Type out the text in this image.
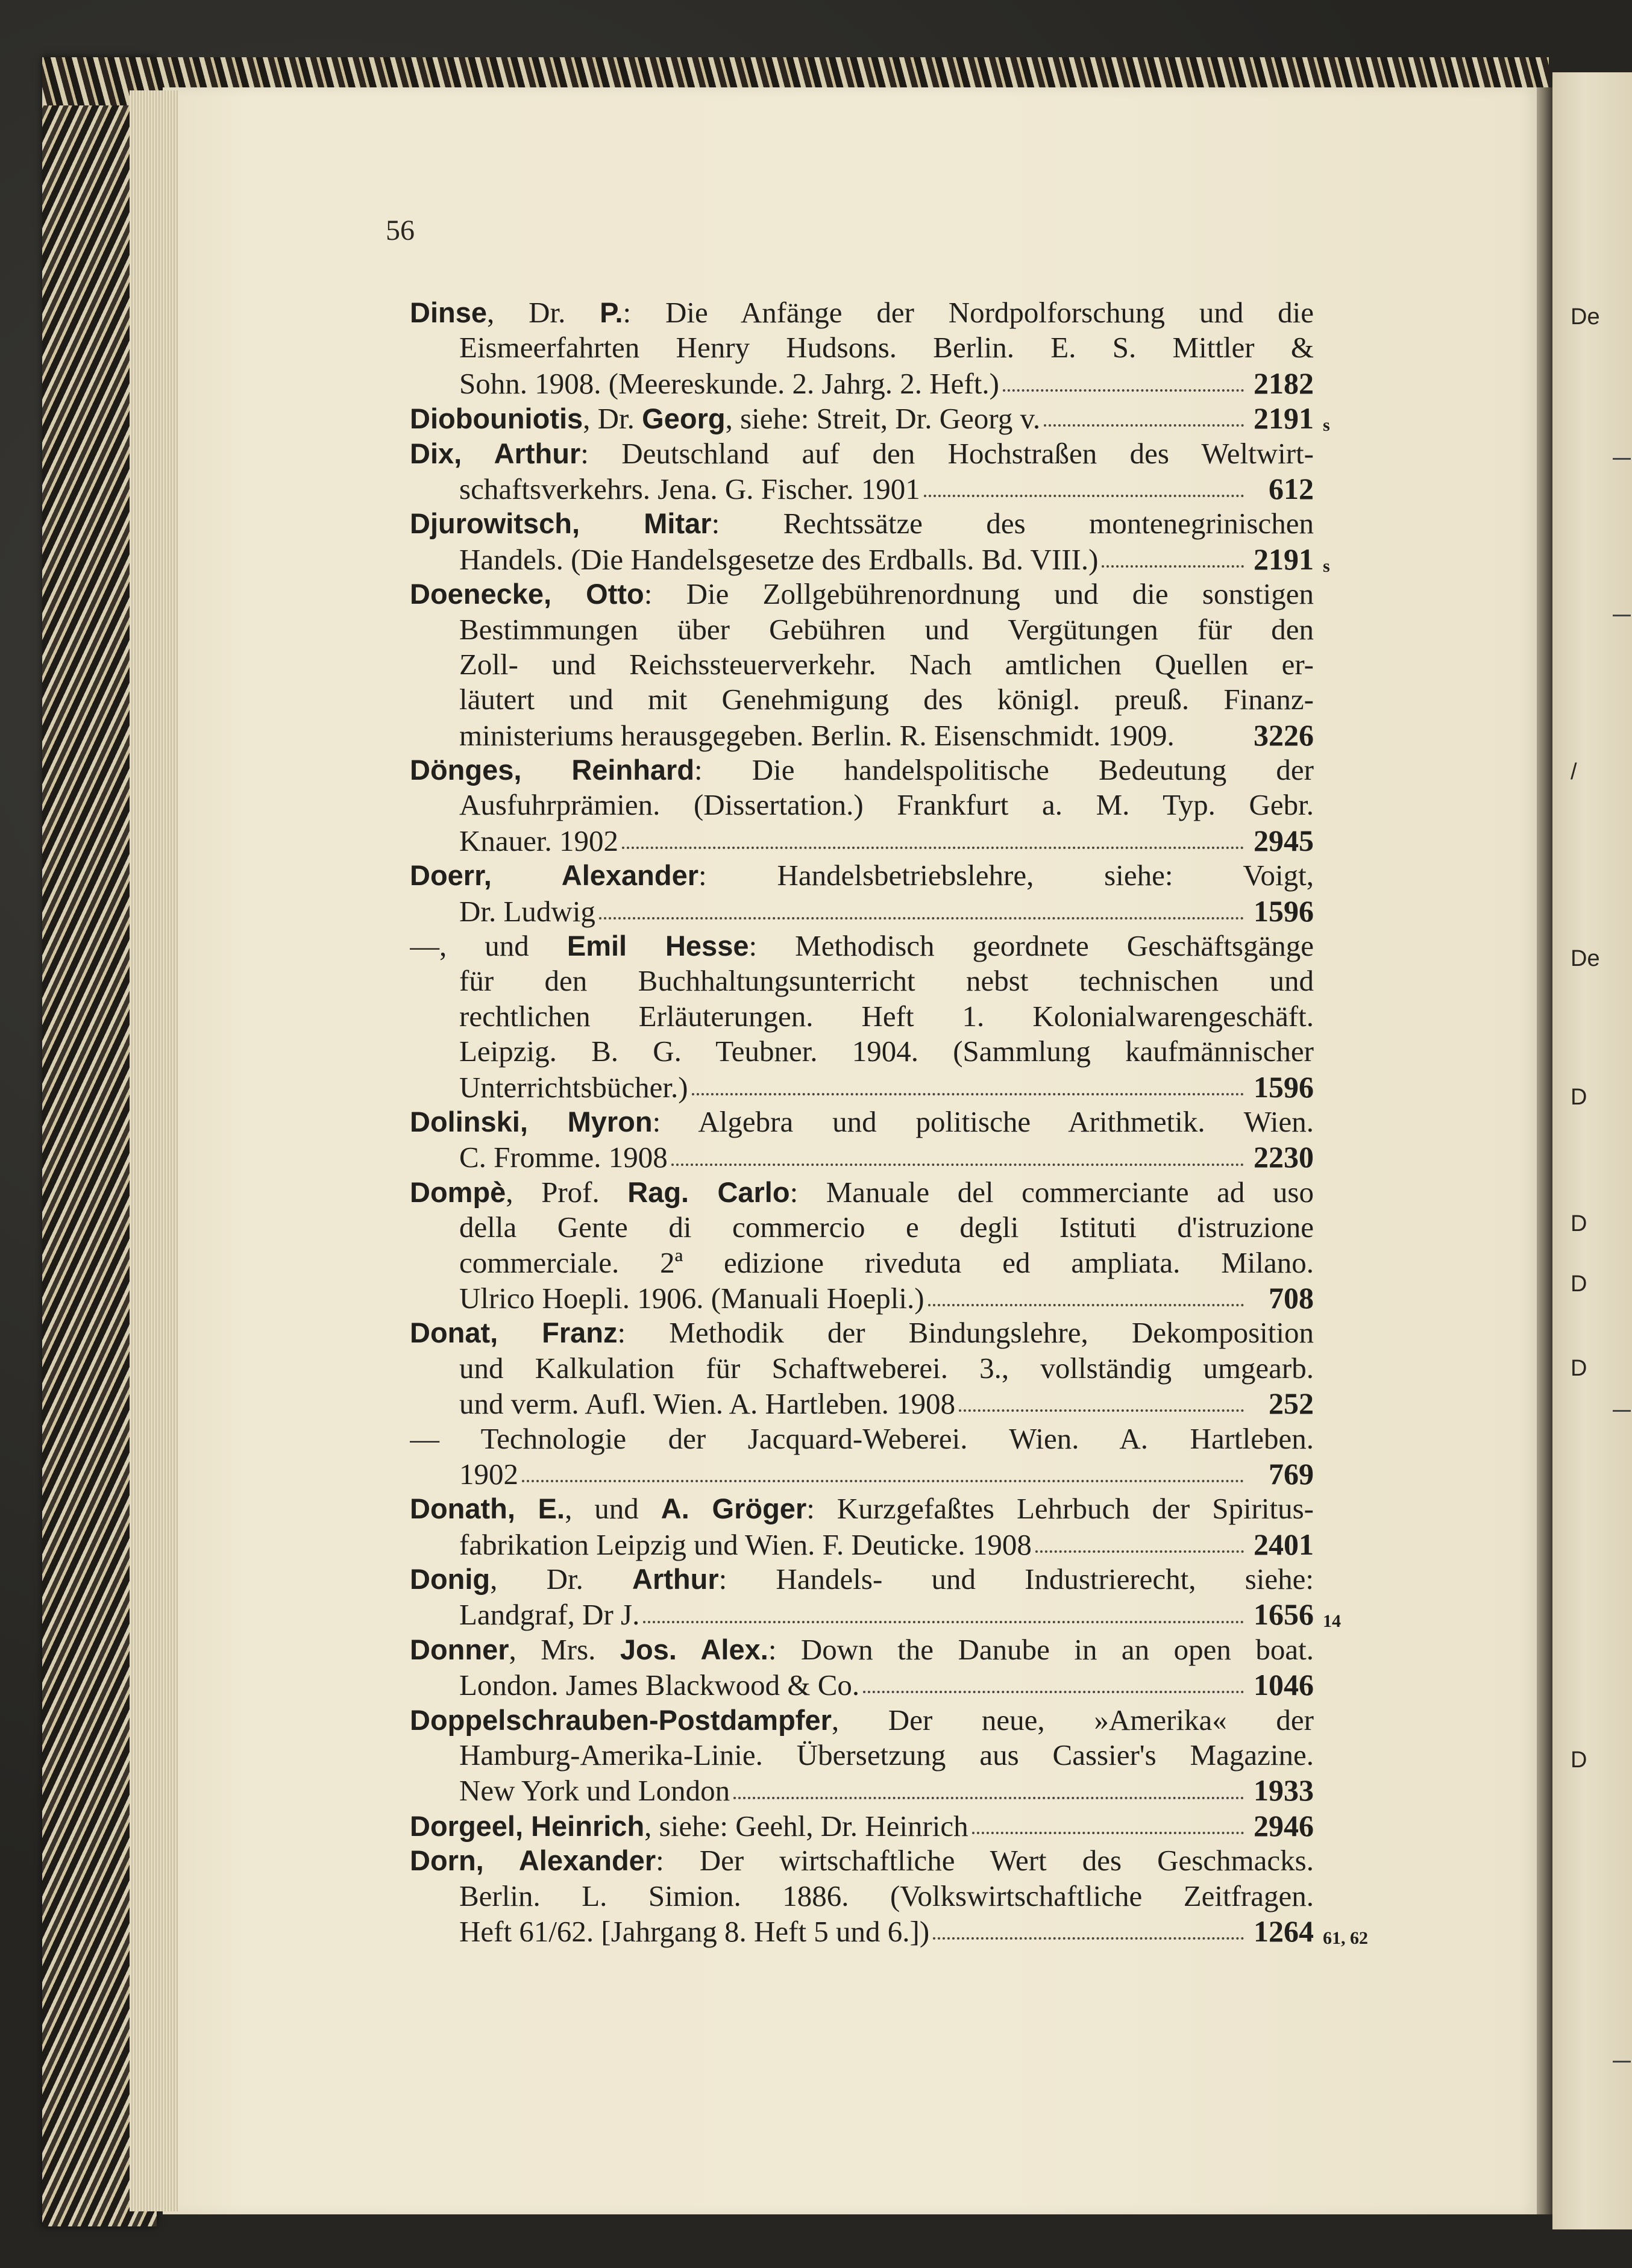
De
/
De
D
D
D
D
D
56
Dinse, Dr. P.: Die Anfänge der Nordpolforschung und die
Eismeerfahrten Henry Hudsons. Berlin. E. S. Mittler &
Sohn. 1908. (Meereskunde. 2. Jahrg. 2. Heft.)	2182
Diobouniotis, Dr. Georg, siehe: Streit, Dr. Georg v.	2191 s
Dix, Arthur: Deutschland auf den Hochstraßen des Weltwirt-
schaftsverkehrs. Jena. G. Fischer. 1901	612
Djurowitsch, Mitar: Rechtssätze des montenegrinischen
Handels. (Die Handelsgesetze des Erdballs. Bd. VIII.)	2191 s
Doenecke, Otto: Die Zollgebührenordnung und die sonstigen
Bestimmungen über Gebühren und Vergütungen für den
Zoll- und Reichssteuerverkehr. Nach amtlichen Quellen er-
läutert und mit Genehmigung des königl. preuß. Finanz-
ministeriums herausgegeben. Berlin. R. Eisenschmidt. 1909.	3226
Dönges, Reinhard: Die handelspolitische Bedeutung der
Ausfuhrprämien. (Dissertation.) Frankfurt a. M. Typ. Gebr.
Knauer. 1902	2945
Doerr, Alexander: Handelsbetriebslehre, siehe: Voigt,
Dr. Ludwig	1596
—, und Emil Hesse: Methodisch geordnete Geschäftsgänge
für den Buchhaltungsunterricht nebst technischen und
rechtlichen Erläuterungen. Heft 1. Kolonialwarengeschäft.
Leipzig. B. G. Teubner. 1904. (Sammlung kaufmännischer
Unterrichtsbücher.)	1596
Dolinski, Myron: Algebra und politische Arithmetik. Wien.
C. Fromme. 1908	2230
Dompè, Prof. Rag. Carlo: Manuale del commerciante ad uso
della Gente di commercio e degli Istituti d'istruzione
commerciale. 2ª edizione riveduta ed ampliata. Milano.
Ulrico Hoepli. 1906. (Manuali Hoepli.)	708
Donat, Franz: Methodik der Bindungslehre, Dekomposition
und Kalkulation für Schaftweberei. 3., vollständig umgearb.
und verm. Aufl. Wien. A. Hartleben. 1908	252
— Technologie der Jacquard-Weberei. Wien. A. Hartleben.
1902	769
Donath, E., und A. Gröger: Kurzgefaßtes Lehrbuch der Spiritus-
fabrikation Leipzig und Wien. F. Deuticke. 1908	2401
Donig, Dr. Arthur: Handels- und Industrierecht, siehe:
Landgraf, Dr J.	1656 14
Donner, Mrs. Jos. Alex.: Down the Danube in an open boat.
London. James Blackwood & Co.	1046
Doppelschrauben-Postdampfer, Der neue, »Amerika« der
Hamburg-Amerika-Linie. Übersetzung aus Cassier's Magazine.
New York und London	1933
Dorgeel, Heinrich, siehe: Geehl, Dr. Heinrich	2946
Dorn, Alexander: Der wirtschaftliche Wert des Geschmacks.
Berlin. L. Simion. 1886. (Volkswirtschaftliche Zeitfragen.
Heft 61/62. [Jahrgang 8. Heft 5 und 6.])	1264 61, 62
